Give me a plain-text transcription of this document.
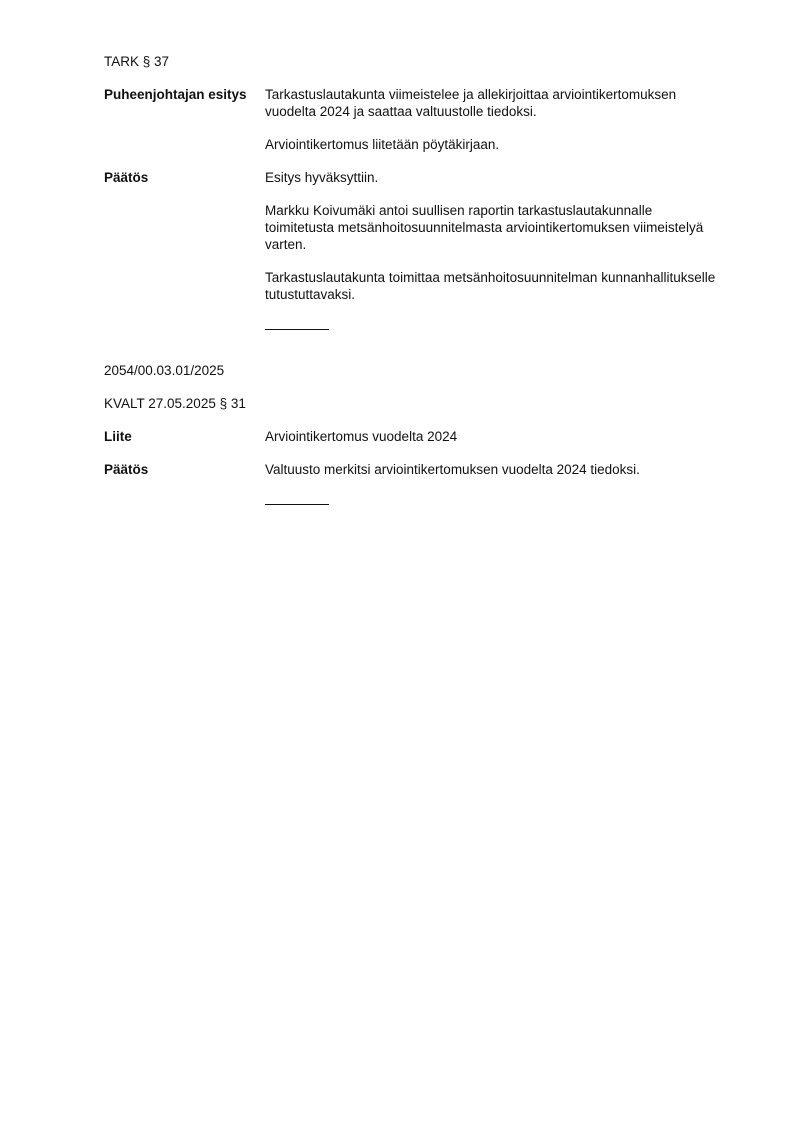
TARK § 37
Puheenjohtajan esitys	Tarkastuslautakunta viimeistelee ja allekirjoittaa arviointikertomuksen vuodelta 2024 ja saattaa valtuustolle tiedoksi.

Arviointikertomus liitetään pöytäkirjaan.

Päätös	Esitys hyväksyttiin.

Markku Koivumäki antoi suullisen raportin tarkastuslautakunnalle toimitetusta metsänhoitosuunnitelmasta arviointikertomuksen viimeistelyä varten.

Tarkastuslautakunta toimittaa metsänhoitosuunnitelman kunnanhallitukselle tutustuttavaksi.

2054/00.03.01/2025
KVALT 27.05.2025 § 31
Liite	Arviointikertomus vuodelta 2024

Päätös	Valtuusto merkitsi arviointikertomuksen vuodelta 2024 tiedoksi.
